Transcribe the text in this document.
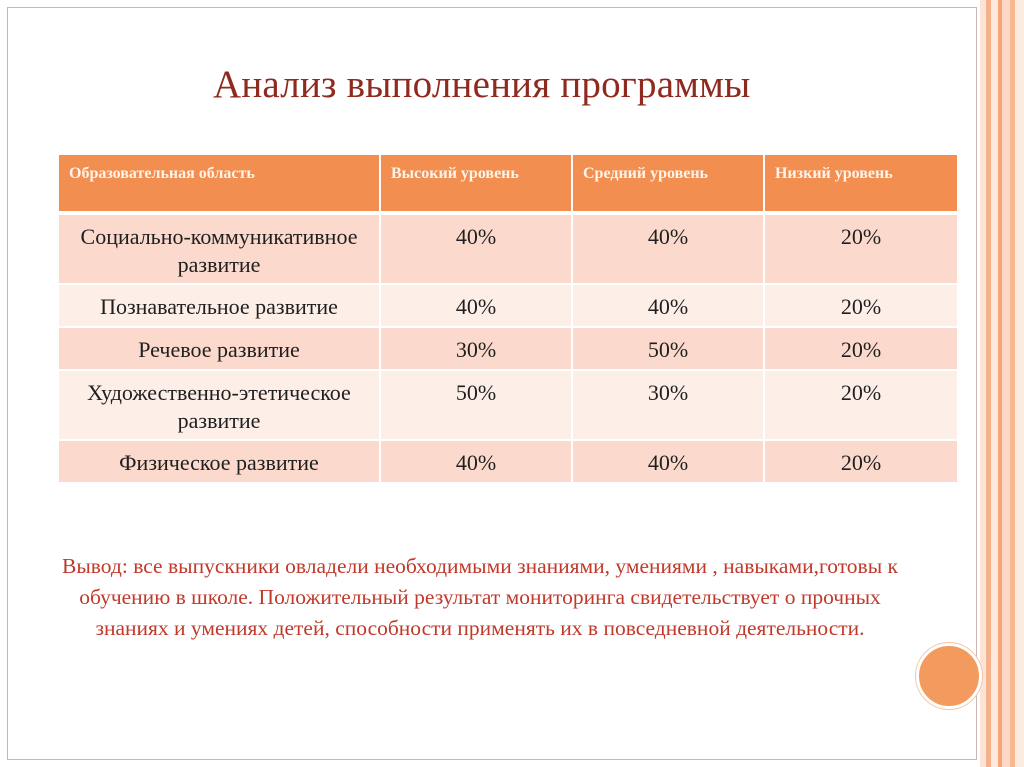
Анализ выполнения программы
Образовательная область	Высокий уровень	Средний уровень	Низкий уровень
Социально-коммуникативное развитие	40%	40%	20%
Познавательное развитие	40%	40%	20%
Речевое развитие	30%	50%	20%
Художественно-этетическое развитие	50%	30%	20%
Физическое развитие	40%	40%	20%
Вывод: все выпускники овладели необходимыми знаниями, умениями , навыками,готовы к обучению в школе. Положительный результат мониторинга свидетельствует о прочных знаниях и умениях детей, способности применять их в повседневной деятельности.
